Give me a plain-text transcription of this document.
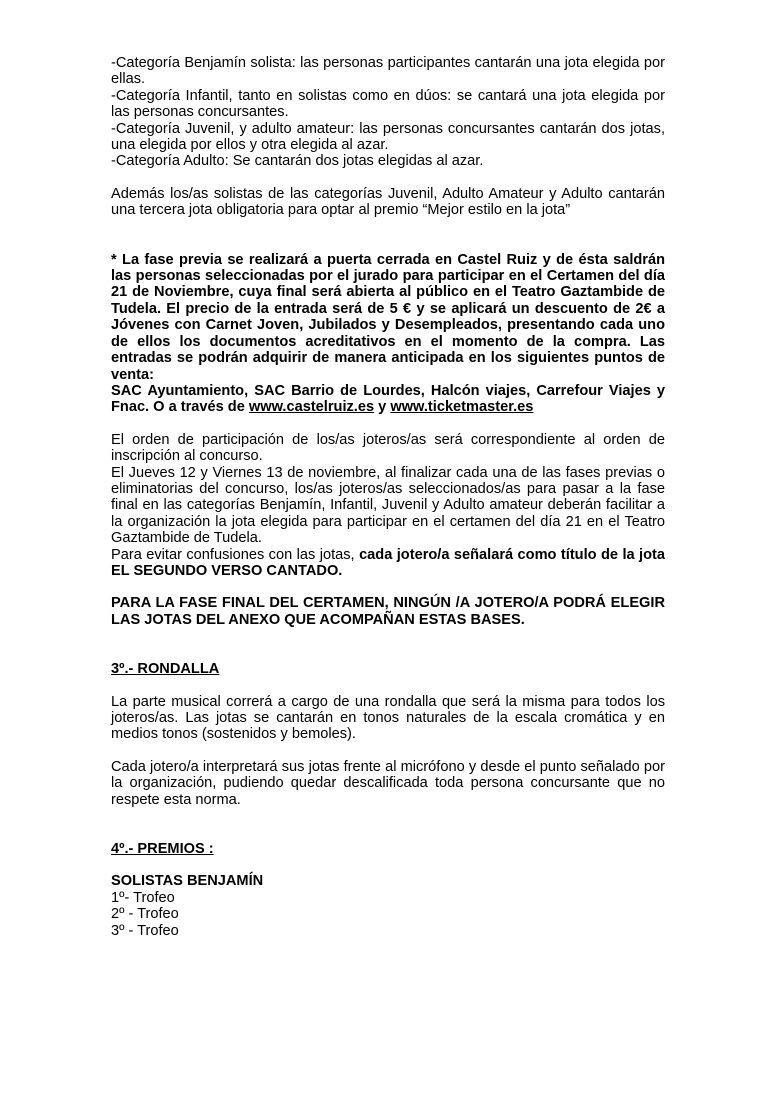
-Categoría Benjamín solista: las personas participantes cantarán una jota elegida por ellas.

-Categoría Infantil, tanto en solistas como en dúos: se cantará una jota elegida por las personas concursantes.

-Categoría Juvenil, y adulto amateur: las personas concursantes cantarán dos jotas, una elegida por ellos y otra elegida al azar.

-Categoría Adulto: Se cantarán dos jotas elegidas al azar.

Además los/as solistas de las categorías Juvenil, Adulto Amateur y Adulto cantarán una tercera jota obligatoria para optar al premio “Mejor estilo en la jota”

* La fase previa se realizará a puerta cerrada en Castel Ruiz y de ésta saldrán las personas seleccionadas por el jurado para participar en el Certamen del día 21 de Noviembre, cuya final será abierta al público en el Teatro Gaztambide de Tudela. El precio de la entrada será de 5 € y se aplicará un descuento de 2€ a Jóvenes con Carnet Joven, Jubilados y Desempleados, presentando cada uno de ellos los documentos acreditativos en el momento de la compra. Las entradas se podrán adquirir de manera anticipada en los siguientes puntos de venta:

SAC Ayuntamiento, SAC Barrio de Lourdes, Halcón viajes, Carrefour Viajes y Fnac. O a través de www.castelruiz.es y www.ticketmaster.es

El orden de participación de los/as joteros/as será correspondiente al orden de inscripción al concurso.

El Jueves 12 y Viernes 13 de noviembre, al finalizar cada una de las fases previas o eliminatorias del concurso, los/as joteros/as seleccionados/as para pasar a la fase final en las categorías Benjamín, Infantil, Juvenil y Adulto amateur deberán facilitar a la organización la jota elegida para participar en el certamen del día 21 en el Teatro Gaztambide de Tudela.

Para evitar confusiones con las jotas, cada jotero/a señalará como título de la jota EL SEGUNDO VERSO CANTADO.

PARA LA FASE FINAL DEL CERTAMEN, NINGÚN /A JOTERO/A PODRÁ ELEGIR LAS JOTAS DEL ANEXO QUE ACOMPAÑAN ESTAS BASES.

3º.- RONDALLA

La parte musical correrá a cargo de una rondalla que será la misma para todos los joteros/as. Las jotas se cantarán en tonos naturales de la escala cromática y en medios tonos (sostenidos y bemoles).

Cada jotero/a interpretará sus jotas frente al micrófono y desde el punto señalado por la organización, pudiendo quedar descalificada toda persona concursante que no respete esta norma.

4º.- PREMIOS :

SOLISTAS BENJAMÍN

1º- Trofeo
2º - Trofeo
3º - Trofeo
